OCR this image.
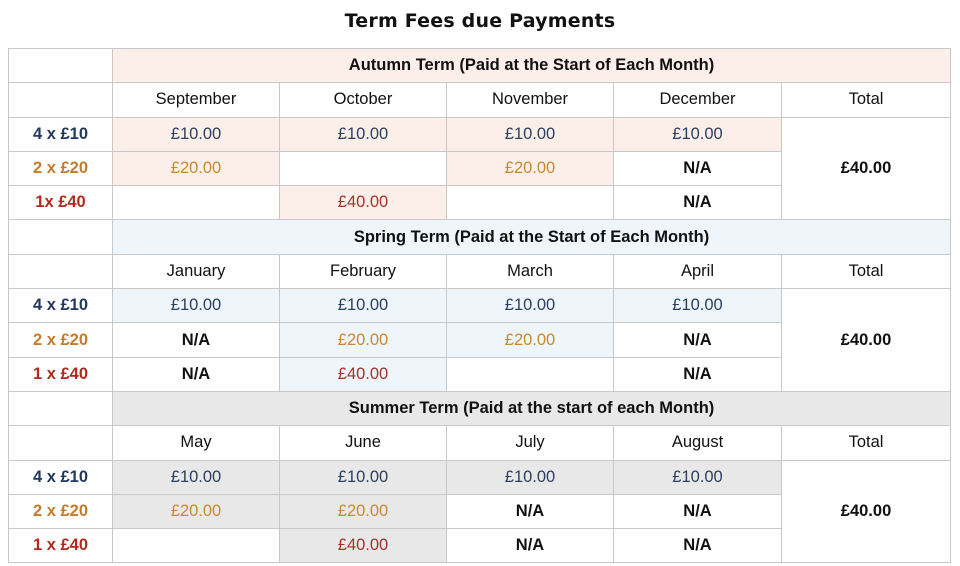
Term Fees due Payments
	Autumn Term (Paid at the Start of Each Month)				
	September	October	November	December	Total
4 x £10	£10.00	£10.00	£10.00	£10.00	£40.00
2 x £20	£20.00		£20.00	N/A	
1x £40		£40.00		N/A	
	Spring Term (Paid at the Start of Each Month)				
	January	February	March	April	Total
4 x £10	£10.00	£10.00	£10.00	£10.00	£40.00
2 x £20	N/A	£20.00	£20.00	N/A	
1 x £40	N/A	£40.00		N/A	
	Summer Term (Paid at the start of each Month)				
	May	June	July	August	Total
4 x £10	£10.00	£10.00	£10.00	£10.00	£40.00
2 x £20	£20.00	£20.00	N/A	N/A	
1 x £40		£40.00	N/A	N/A	
